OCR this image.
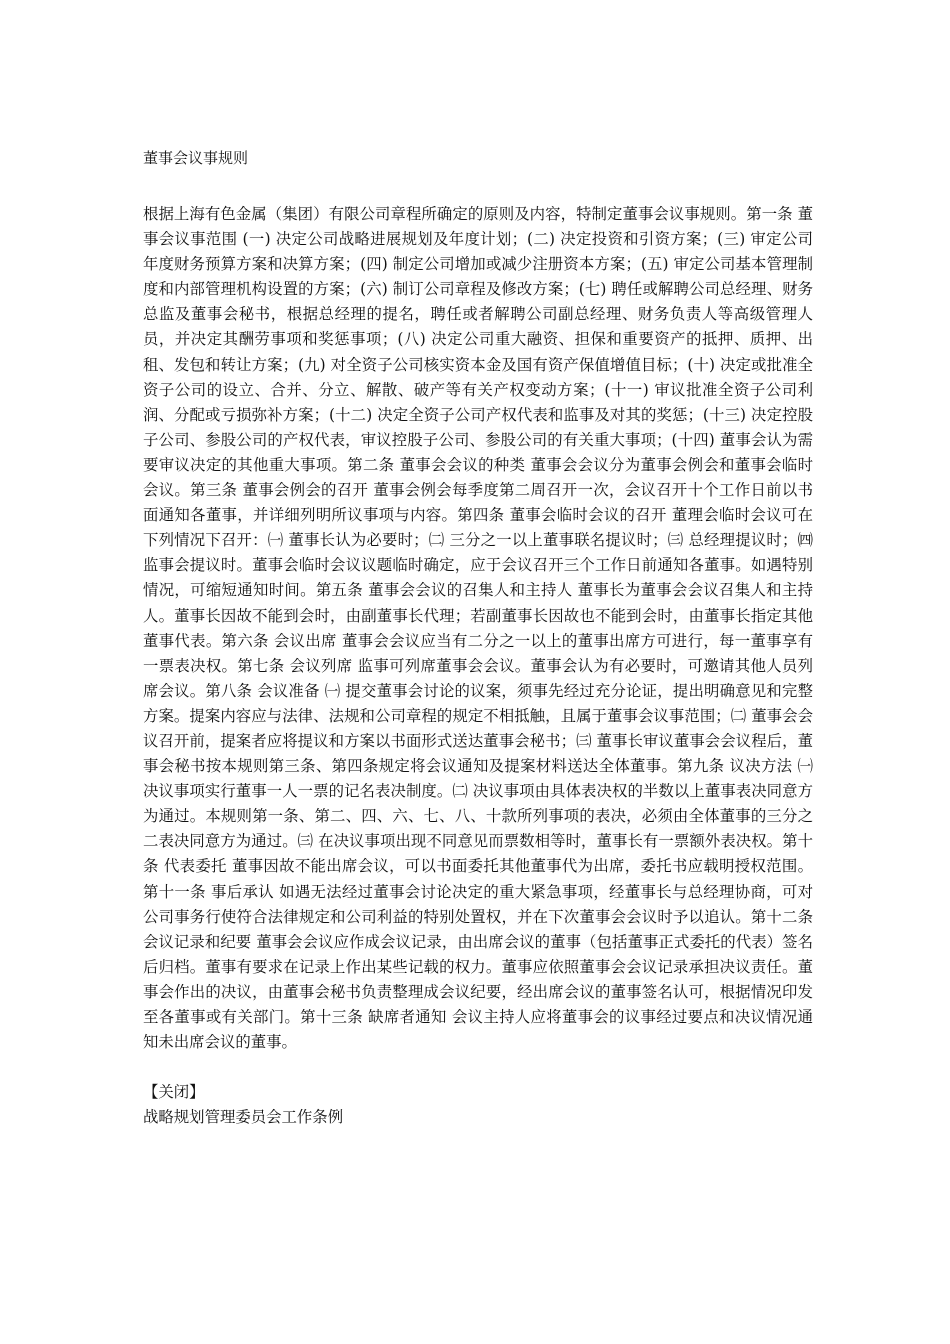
董事会议事规则

根据上海有色金属（集团）有限公司章程所确定的原则及内容，特制定董事会议事规则。第一条 董事会议事范围 (一) 决定公司战略进展规划及年度计划；(二) 决定投资和引资方案；(三) 审定公司年度财务预算方案和决算方案；(四) 制定公司增加或减少注册资本方案；(五) 审定公司基本管理制度和内部管理机构设置的方案；(六) 制订公司章程及修改方案；(七) 聘任或解聘公司总经理、财务总监及董事会秘书，根据总经理的提名，聘任或者解聘公司副总经理、财务负责人等高级管理人员，并决定其酬劳事项和奖惩事项；(八) 决定公司重大融资、担保和重要资产的抵押、质押、出租、发包和转让方案；(九) 对全资子公司核实资本金及国有资产保值增值目标；(十) 决定或批准全资子公司的设立、合并、分立、解散、破产等有关产权变动方案；(十一) 审议批准全资子公司利润、分配或亏损弥补方案；(十二) 决定全资子公司产权代表和监事及对其的奖惩；(十三) 决定控股子公司、参股公司的产权代表，审议控股子公司、参股公司的有关重大事项；(十四) 董事会认为需要审议决定的其他重大事项。第二条 董事会会议的种类 董事会会议分为董事会例会和董事会临时会议。第三条 董事会例会的召开 董事会例会每季度第二周召开一次，会议召开十个工作日前以书面通知各董事，并详细列明所议事项与内容。第四条 董事会临时会议的召开 董理会临时会议可在下列情况下召开：㈠ 董事长认为必要时；㈡ 三分之一以上董事联名提议时；㈢ 总经理提议时；㈣ 监事会提议时。董事会临时会议议题临时确定，应于会议召开三个工作日前通知各董事。如遇特别情况，可缩短通知时间。第五条 董事会会议的召集人和主持人 董事长为董事会会议召集人和主持人。董事长因故不能到会时，由副董事长代理；若副董事长因故也不能到会时，由董事长指定其他董事代表。第六条 会议出席 董事会会议应当有二分之一以上的董事出席方可进行，每一董事享有一票表决权。第七条 会议列席 监事可列席董事会会议。董事会认为有必要时，可邀请其他人员列席会议。第八条 会议准备 ㈠ 提交董事会讨论的议案，须事先经过充分论证，提出明确意见和完整方案。提案内容应与法律、法规和公司章程的规定不相抵触，且属于董事会议事范围；㈡ 董事会会议召开前，提案者应将提议和方案以书面形式送达董事会秘书；㈢ 董事长审议董事会会议程后，董事会秘书按本规则第三条、第四条规定将会议通知及提案材料送达全体董事。第九条 议决方法 ㈠ 决议事项实行董事一人一票的记名表决制度。㈡ 决议事项由具体表决权的半数以上董事表决同意方为通过。本规则第一条、第二、四、六、七、八、十款所列事项的表决，必须由全体董事的三分之二表决同意方为通过。㈢ 在决议事项出现不同意见而票数相等时，董事长有一票额外表决权。第十条 代表委托 董事因故不能出席会议，可以书面委托其他董事代为出席，委托书应载明授权范围。第十一条 事后承认 如遇无法经过董事会讨论决定的重大紧急事项，经董事长与总经理协商，可对公司事务行使符合法律规定和公司利益的特别处置权，并在下次董事会会议时予以追认。第十二条 会议记录和纪要 董事会会议应作成会议记录，由出席会议的董事（包括董事正式委托的代表）签名后归档。董事有要求在记录上作出某些记载的权力。董事应依照董事会会议记录承担决议责任。董事会作出的决议，由董事会秘书负责整理成会议纪要，经出席会议的董事签名认可，根据情况印发至各董事或有关部门。第十三条 缺席者通知 会议主持人应将董事会的议事经过要点和决议情况通知未出席会议的董事。

【关闭】
战略规划管理委员会工作条例
